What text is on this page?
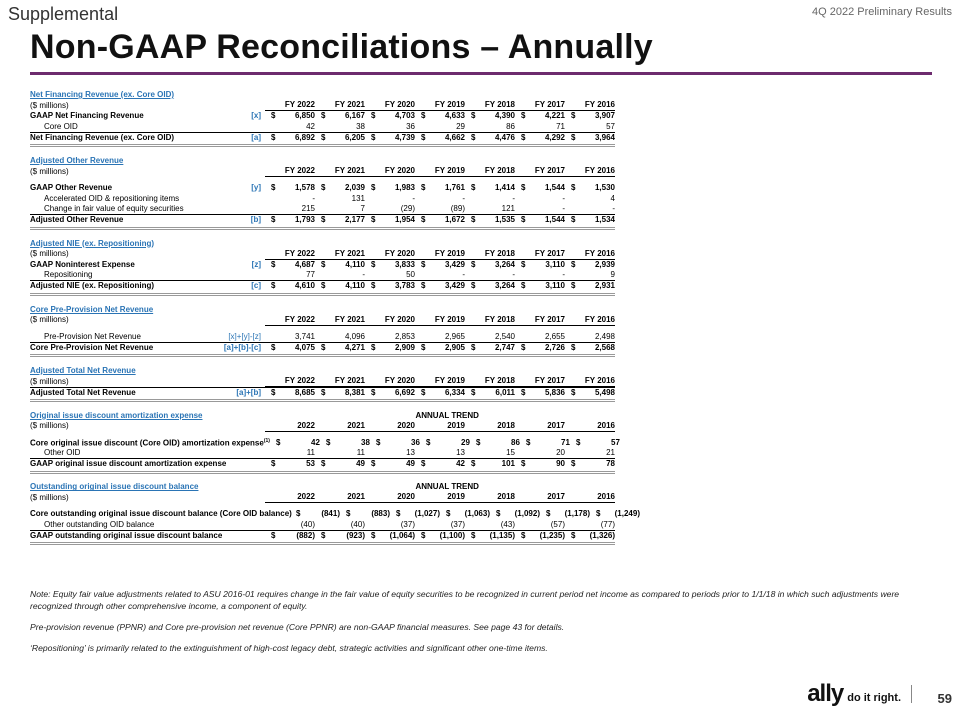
Supplemental	4Q 2022 Preliminary Results
Non-GAAP Reconciliations – Annually
Net Financing Revenue (ex. Core OID)
($ millions)	FY 2022	FY 2021	FY 2020	FY 2019	FY 2018	FY 2017	FY 2016
GAAP Net Financing Revenue	[x]	$	6,850 $	6,167 $	4,703 $	4,633 $	4,390 $	4,221 $	3,907
Core OID	42	38	36	29	86	71	57
Net Financing Revenue (ex. Core OID)	[a]	$	6,892 $	6,205 $	4,739 $	4,662 $	4,476 $	4,292 $	3,964
Adjusted Other Revenue
($ millions)	FY 2022	FY 2021	FY 2020	FY 2019	FY 2018	FY 2017	FY 2016
GAAP Other Revenue	[y]	$	1,578 $	2,039 $	1,983 $	1,761 $	1,414 $	1,544 $	1,530
Accelerated OID & repositioning items	-	131	-	-	-	-	4
Change in fair value of equity securities	215	7	(29)	(89)	121	-	-
Adjusted Other Revenue	[b]	$	1,793 $	2,177 $	1,954 $	1,672 $	1,535 $	1,544 $	1,534
Adjusted NIE (ex. Repositioning)
($ millions)	FY 2022	FY 2021	FY 2020	FY 2019	FY 2018	FY 2017	FY 2016
GAAP Noninterest Expense	[z]	$	4,687 $	4,110 $	3,833 $	3,429 $	3,264 $	3,110 $	2,939
Repositioning	77	-	50	-	-	-	9
Adjusted NIE (ex. Repositioning)	[c]	$	4,610 $	4,110 $	3,783 $	3,429 $	3,264 $	3,110 $	2,931
Core Pre-Provision Net Revenue
($ millions)	FY 2022	FY 2021	FY 2020	FY 2019	FY 2018	FY 2017	FY 2016
Pre-Provision Net Revenue	[x]+[y]-[z]	3,741	4,096	2,853	2,965	2,540	2,655	2,498
Core Pre-Provision Net Revenue	[a]+[b]-[c]	$	4,075 $	4,271 $	2,909 $	2,905 $	2,747 $	2,726 $	2,568
Adjusted Total Net Revenue
($ millions)	FY 2022	FY 2021	FY 2020	FY 2019	FY 2018	FY 2017	FY 2016
Adjusted Total Net Revenue	[a]+[b]	$	8,685 $	8,381 $	6,692 $	6,334 $	6,011 $	5,836 $	5,498
Original issue discount amortization expense	ANNUAL TREND
($ millions)	2022	2021	2020	2019	2018	2017	2016
Core original issue discount (Core OID) amortization expense$^{(1)}$ $	42 $	38 $	36 $	29 $	86 $	71 $	57
Other OID	11	11	13	13	15	20	21
GAAP original issue discount amortization expense	$	53 $	49 $	49 $	42 $	101 $	90 $	78
Outstanding original issue discount balance	ANNUAL TREND
($ millions)	2022	2021	2020	2019	2018	2017	2016
Core outstanding original issue discount balance (Core OID balance) $	(841) $	(883) $	(1,027) $	(1,063) $	(1,092) $	(1,178) $	(1,249)
Other outstanding OID balance	(40)	(40)	(37)	(37)	(43)	(57)	(77)
GAAP outstanding original issue discount balance	$	(882) $	(923) $	(1,064) $	(1,100) $	(1,135) $	(1,235) $	(1,326)

Note: Equity fair value adjustments related to ASU 2016-01 requires change in the fair value of equity securities to be recognized in current period net income as compared to periods prior to 1/1/18 in which such adjustments were recognized through other comprehensive income, a component of equity.

Pre-provision revenue (PPNR) and Core pre-provision net revenue (Core PPNR) are non-GAAP financial measures. See page 43 for details.

‘Repositioning’ is primarily related to the extinguishment of high-cost legacy debt, strategic activities and significant other one-time items.

ally do it right.	59
